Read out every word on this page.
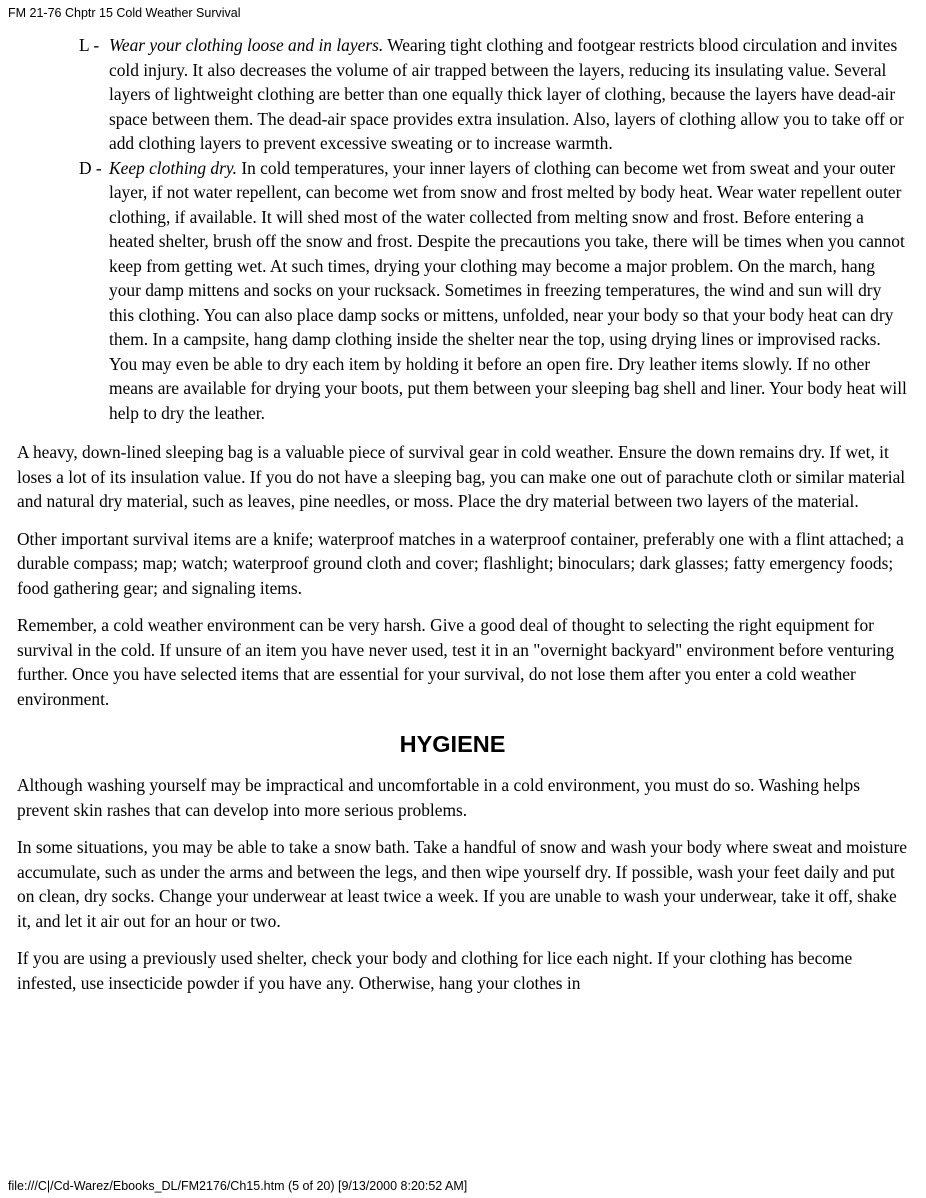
FM 21-76 Chptr 15 Cold Weather Survival
L - Wear your clothing loose and in layers. Wearing tight clothing and footgear restricts blood circulation and invites cold injury. It also decreases the volume of air trapped between the layers, reducing its insulating value. Several layers of lightweight clothing are better than one equally thick layer of clothing, because the layers have dead-air space between them. The dead-air space provides extra insulation. Also, layers of clothing allow you to take off or add clothing layers to prevent excessive sweating or to increase warmth.
D - Keep clothing dry. In cold temperatures, your inner layers of clothing can become wet from sweat and your outer layer, if not water repellent, can become wet from snow and frost melted by body heat. Wear water repellent outer clothing, if available. It will shed most of the water collected from melting snow and frost. Before entering a heated shelter, brush off the snow and frost. Despite the precautions you take, there will be times when you cannot keep from getting wet. At such times, drying your clothing may become a major problem. On the march, hang your damp mittens and socks on your rucksack. Sometimes in freezing temperatures, the wind and sun will dry this clothing. You can also place damp socks or mittens, unfolded, near your body so that your body heat can dry them. In a campsite, hang damp clothing inside the shelter near the top, using drying lines or improvised racks. You may even be able to dry each item by holding it before an open fire. Dry leather items slowly. If no other means are available for drying your boots, put them between your sleeping bag shell and liner. Your body heat will help to dry the leather.

A heavy, down-lined sleeping bag is a valuable piece of survival gear in cold weather. Ensure the down remains dry. If wet, it loses a lot of its insulation value. If you do not have a sleeping bag, you can make one out of parachute cloth or similar material and natural dry material, such as leaves, pine needles, or moss. Place the dry material between two layers of the material.

Other important survival items are a knife; waterproof matches in a waterproof container, preferably one with a flint attached; a durable compass; map; watch; waterproof ground cloth and cover; flashlight; binoculars; dark glasses; fatty emergency foods; food gathering gear; and signaling items.

Remember, a cold weather environment can be very harsh. Give a good deal of thought to selecting the right equipment for survival in the cold. If unsure of an item you have never used, test it in an "overnight backyard" environment before venturing further. Once you have selected items that are essential for your survival, do not lose them after you enter a cold weather environment.

HYGIENE

Although washing yourself may be impractical and uncomfortable in a cold environment, you must do so. Washing helps prevent skin rashes that can develop into more serious problems.

In some situations, you may be able to take a snow bath. Take a handful of snow and wash your body where sweat and moisture accumulate, such as under the arms and between the legs, and then wipe yourself dry. If possible, wash your feet daily and put on clean, dry socks. Change your underwear at least twice a week. If you are unable to wash your underwear, take it off, shake it, and let it air out for an hour or two.

If you are using a previously used shelter, check your body and clothing for lice each night. If your clothing has become infested, use insecticide powder if you have any. Otherwise, hang your clothes in

file:///C|/Cd-Warez/Ebooks_DL/FM2176/Ch15.htm (5 of 20) [9/13/2000 8:20:52 AM]
